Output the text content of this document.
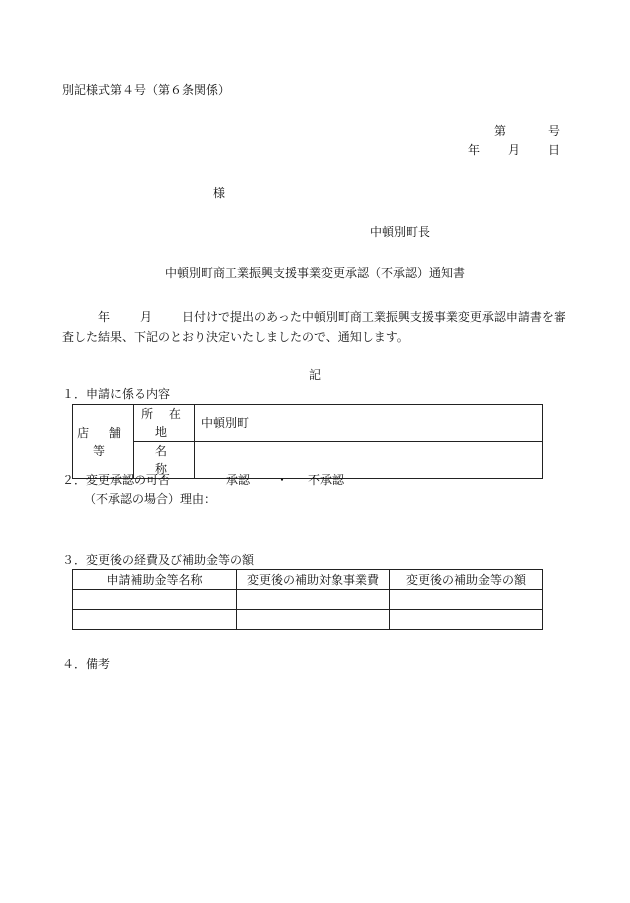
別記様式第４号（第６条関係）
第	号
年 月 日
様
中頓別町長
中頓別町商工業振興支援事業変更承認（不承認）通知書
年	月	日付けで提出のあった中頓別町商工業振興支援事業変更承認申請書を審査した結果、下記のとおり決定いたしましたので、通知します。
記
１．申請に係る内容
店 舗 等	所 在 地	中頓別町
	名　　称	
２．変更承認の可否	承認 ・ 不承認
（不承認の場合）理由：
３．変更後の経費及び補助金等の額
申請補助金等名称	変更後の補助対象事業費	変更後の補助金等の額

４．備考
